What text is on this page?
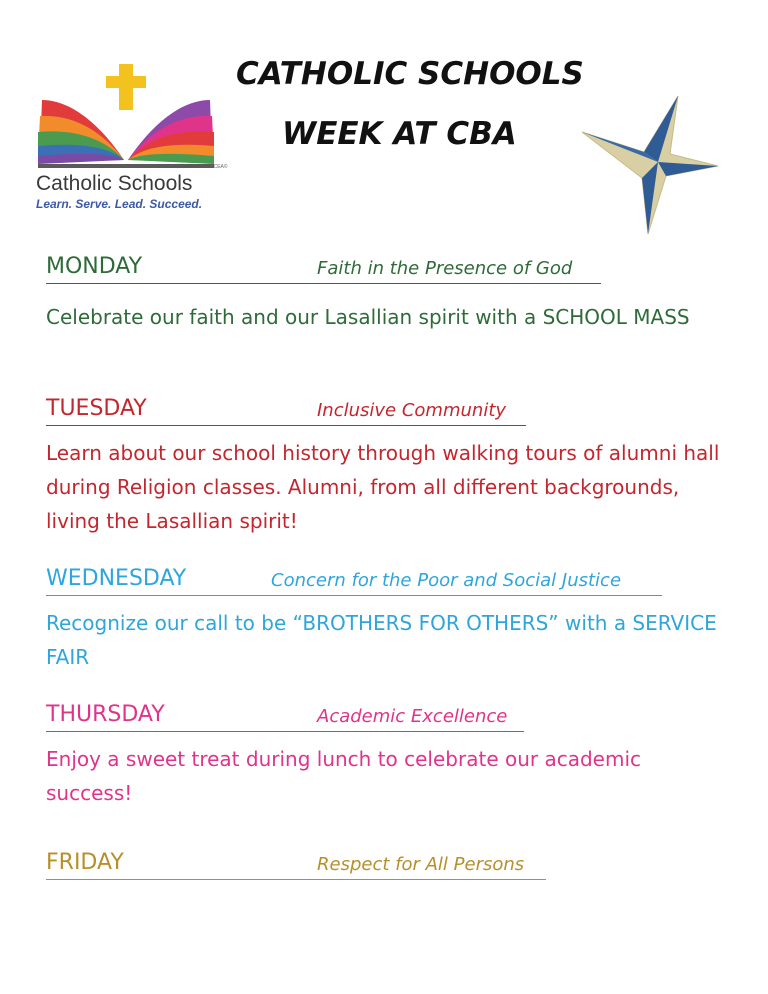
NCEA©
Catholic Schools
Learn. Serve. Lead. Succeed.
CATHOLIC SCHOOLS
WEEK AT CBA
MONDAY	Faith in the Presence of God
Celebrate our faith and our Lasallian spirit with a SCHOOL MASS
TUESDAY	Inclusive Community
Learn about our school history through walking tours of alumni hall during Religion classes. Alumni, from all different backgrounds, living the Lasallian spirit!
WEDNESDAY	Concern for the Poor and Social Justice
Recognize our call to be “BROTHERS FOR OTHERS” with a SERVICE FAIR
THURSDAY	Academic Excellence
Enjoy a sweet treat during lunch to celebrate our academic success!
FRIDAY	Respect for All Persons
